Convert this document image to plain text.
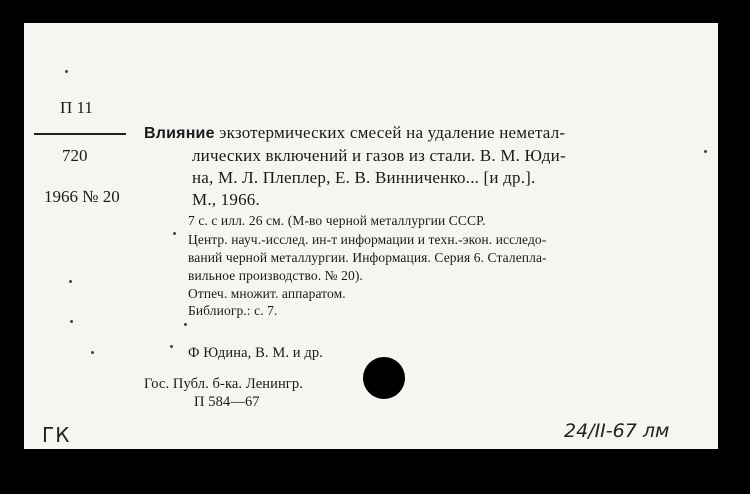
П 11
720
1966 № 20
Влияние экзотермических смесей на удаление неметал-
лических включений и газов из стали. В. М. Юди-
на, М. Л. Плеплер, Е. В. Винниченко... [и др.].
М., 1966.
7 с. с илл. 26 см. (М-во черной металлургии СССР.
Центр. науч.-исслед. ин-т информации и техн.-экон. исследо-
ваний черной металлургии. Информация. Серия 6. Сталепла-
вильное производство. № 20).
Отпеч. множит. аппаратом.
Библиогр.: с. 7.
Ф Юдина, В. М. и др.
Гос. Публ. б-ка. Ленингр.
П 584—67
ГК	24/II-67 лм
